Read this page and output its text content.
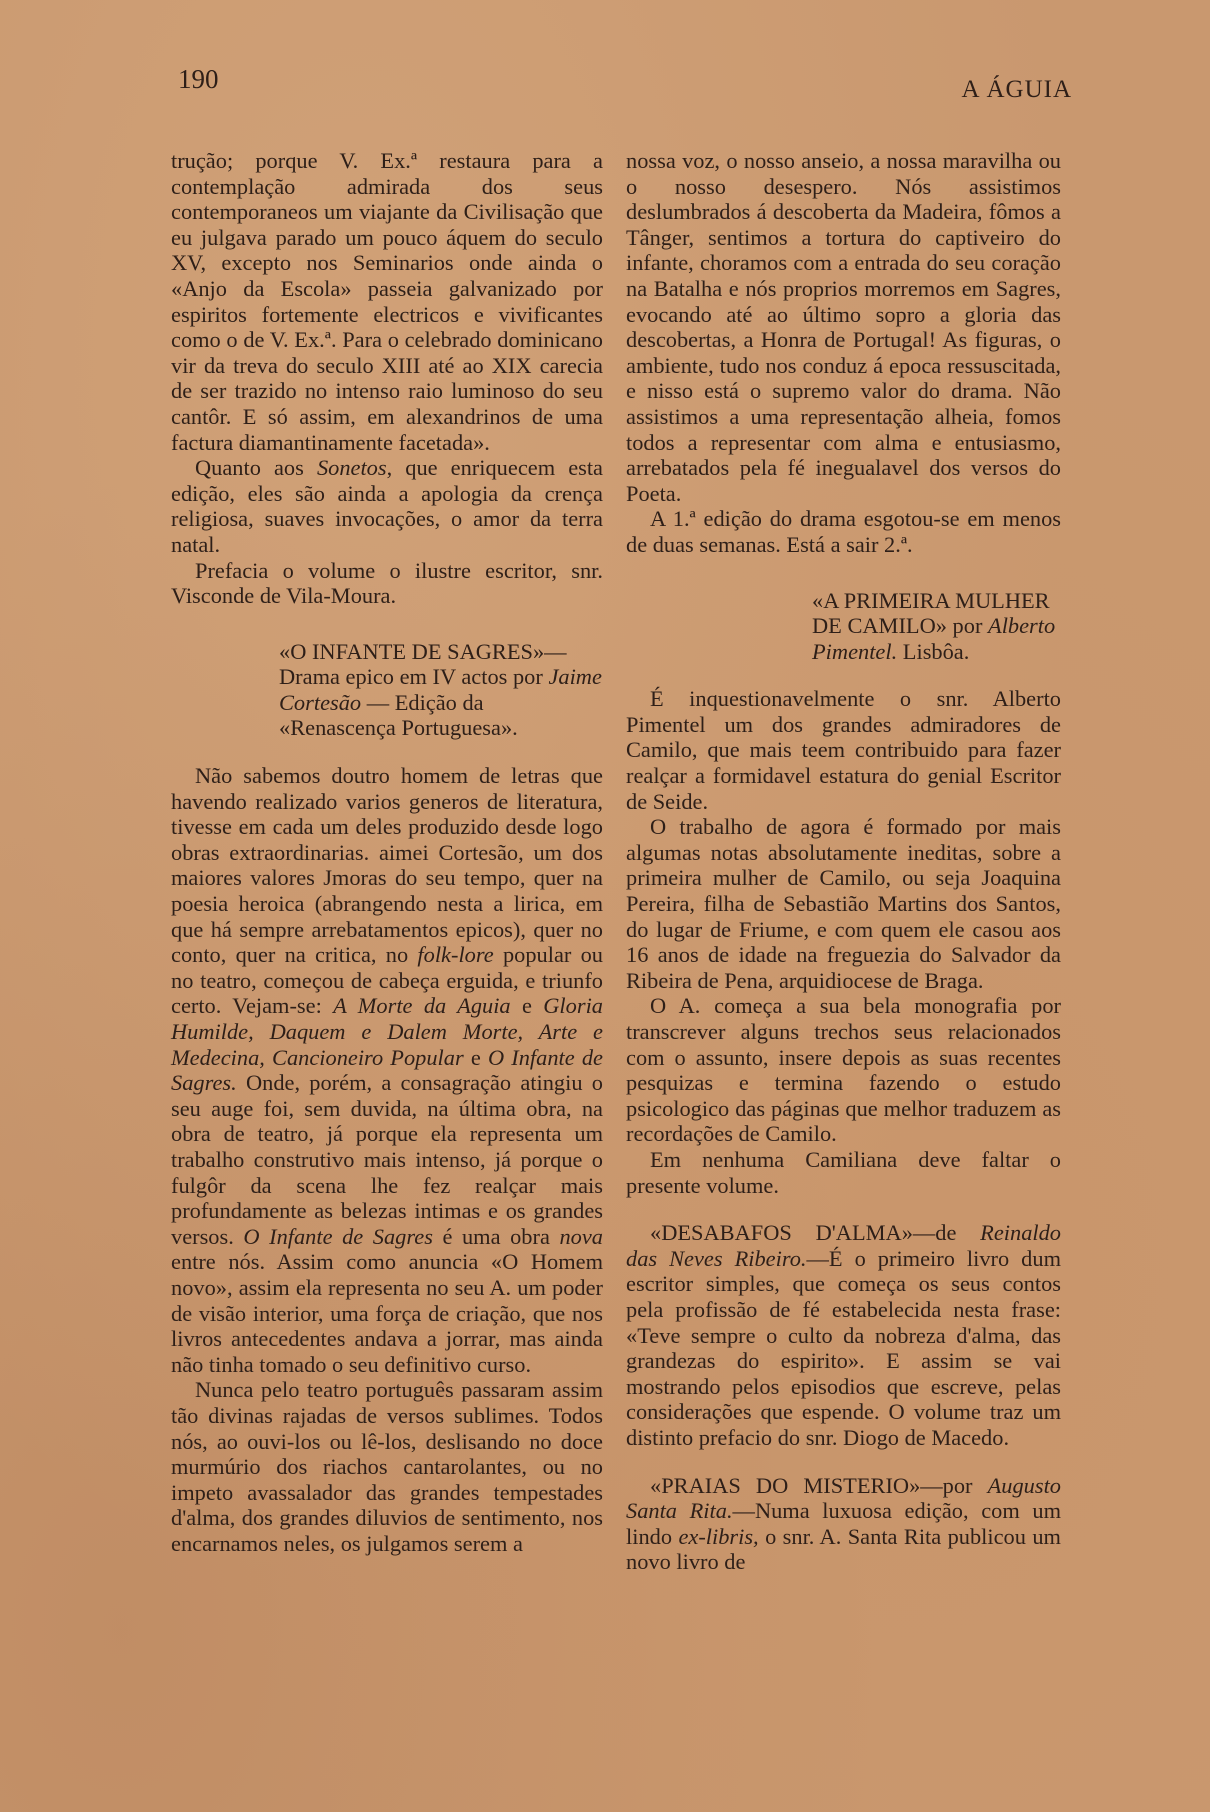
190	A ÁGUIA

trução; porque V. Ex.ª restaura para a contemplação admirada dos seus contemporaneos um viajante da Civilisação que eu julgava parado um pouco áquem do seculo XV, excepto nos Seminarios onde ainda o «Anjo da Escola» passeia galvanizado por espiritos fortemente electricos e vivificantes como o de V. Ex.ª. Para o celebrado dominicano vir da treva do seculo XIII até ao XIX carecia de ser trazido no intenso raio luminoso do seu cantôr. E só assim, em alexandrinos de uma factura diamantinamente facetada».

Quanto aos Sonetos, que enriquecem esta edição, eles são ainda a apologia da crença religiosa, suaves invocações, o amor da terra natal.

Prefacia o volume o ilustre escritor, snr. Visconde de Vila-Moura.

«O INFANTE DE SAGRES»— Drama epico em IV actos por Jaime Cortesão — Edição da «Renascença Portuguesa».

Não sabemos doutro homem de letras que havendo realizado varios generos de literatura, tivesse em cada um deles produzido desde logo obras extraordinarias. aimei Cortesão, um dos maiores valores Jmoras do seu tempo, quer na poesia heroica (abrangendo nesta a lirica, em que há sempre arrebatamentos epicos), quer no conto, quer na critica, no folk-lore popular ou no teatro, começou de cabeça erguida, e triunfo certo. Vejam-se: A Morte da Aguia e Gloria Humilde, Daquem e Dalem Morte, Arte e Medecina, Cancioneiro Popular e O Infante de Sagres. Onde, porém, a consagração atingiu o seu auge foi, sem duvida, na última obra, na obra de teatro, já porque ela representa um trabalho construtivo mais intenso, já porque o fulgôr da scena lhe fez realçar mais profundamente as belezas intimas e os grandes versos. O Infante de Sagres é uma obra nova entre nós. Assim como anuncia «O Homem novo», assim ela representa no seu A. um poder de visão interior, uma força de criação, que nos livros antecedentes andava a jorrar, mas ainda não tinha tomado o seu definitivo curso.

Nunca pelo teatro português passaram assim tão divinas rajadas de versos sublimes. Todos nós, ao ouvi-los ou lê-los, deslisando no doce murmúrio dos riachos cantarolantes, ou no impeto avassalador das grandes tempestades d'alma, dos grandes diluvios de sentimento, nos encarnamos neles, os julgamos serem a

nossa voz, o nosso anseio, a nossa maravilha ou o nosso desespero. Nós assistimos deslumbrados á descoberta da Madeira, fômos a Tânger, sentimos a tortura do captiveiro do infante, choramos com a entrada do seu coração na Batalha e nós proprios morremos em Sagres, evocando até ao último sopro a gloria das descobertas, a Honra de Portugal! As figuras, o ambiente, tudo nos conduz á epoca ressuscitada, e nisso está o supremo valor do drama. Não assistimos a uma representação alheia, fomos todos a representar com alma e entusiasmo, arrebatados pela fé inegualavel dos versos do Poeta.

A 1.ª edição do drama esgotou-se em menos de duas semanas. Está a sair 2.ª.

«A PRIMEIRA MULHER DE CAMILO» por Alberto Pimentel. Lisbôa.

É inquestionavelmente o snr. Alberto Pimentel um dos grandes admiradores de Camilo, que mais teem contribuido para fazer realçar a formidavel estatura do genial Escritor de Seide.

O trabalho de agora é formado por mais algumas notas absolutamente ineditas, sobre a primeira mulher de Camilo, ou seja Joaquina Pereira, filha de Sebastião Martins dos Santos, do lugar de Friume, e com quem ele casou aos 16 anos de idade na freguezia do Salvador da Ribeira de Pena, arquidiocese de Braga.

O A. começa a sua bela monografia por transcrever alguns trechos seus relacionados com o assunto, insere depois as suas recentes pesquizas e termina fazendo o estudo psicologico das páginas que melhor traduzem as recordações de Camilo.

Em nenhuma Camiliana deve faltar o presente volume.

«DESABAFOS D'ALMA»—de Reinaldo das Neves Ribeiro.—É o primeiro livro dum escritor simples, que começa os seus contos pela profissão de fé estabelecida nesta frase: «Teve sempre o culto da nobreza d'alma, das grandezas do espirito». E assim se vai mostrando pelos episodios que escreve, pelas considerações que espende. O volume traz um distinto prefacio do snr. Diogo de Macedo.

«PRAIAS DO MISTERIO»—por Augusto Santa Rita.—Numa luxuosa edição, com um lindo ex-libris, o snr. A. Santa Rita publicou um novo livro de
